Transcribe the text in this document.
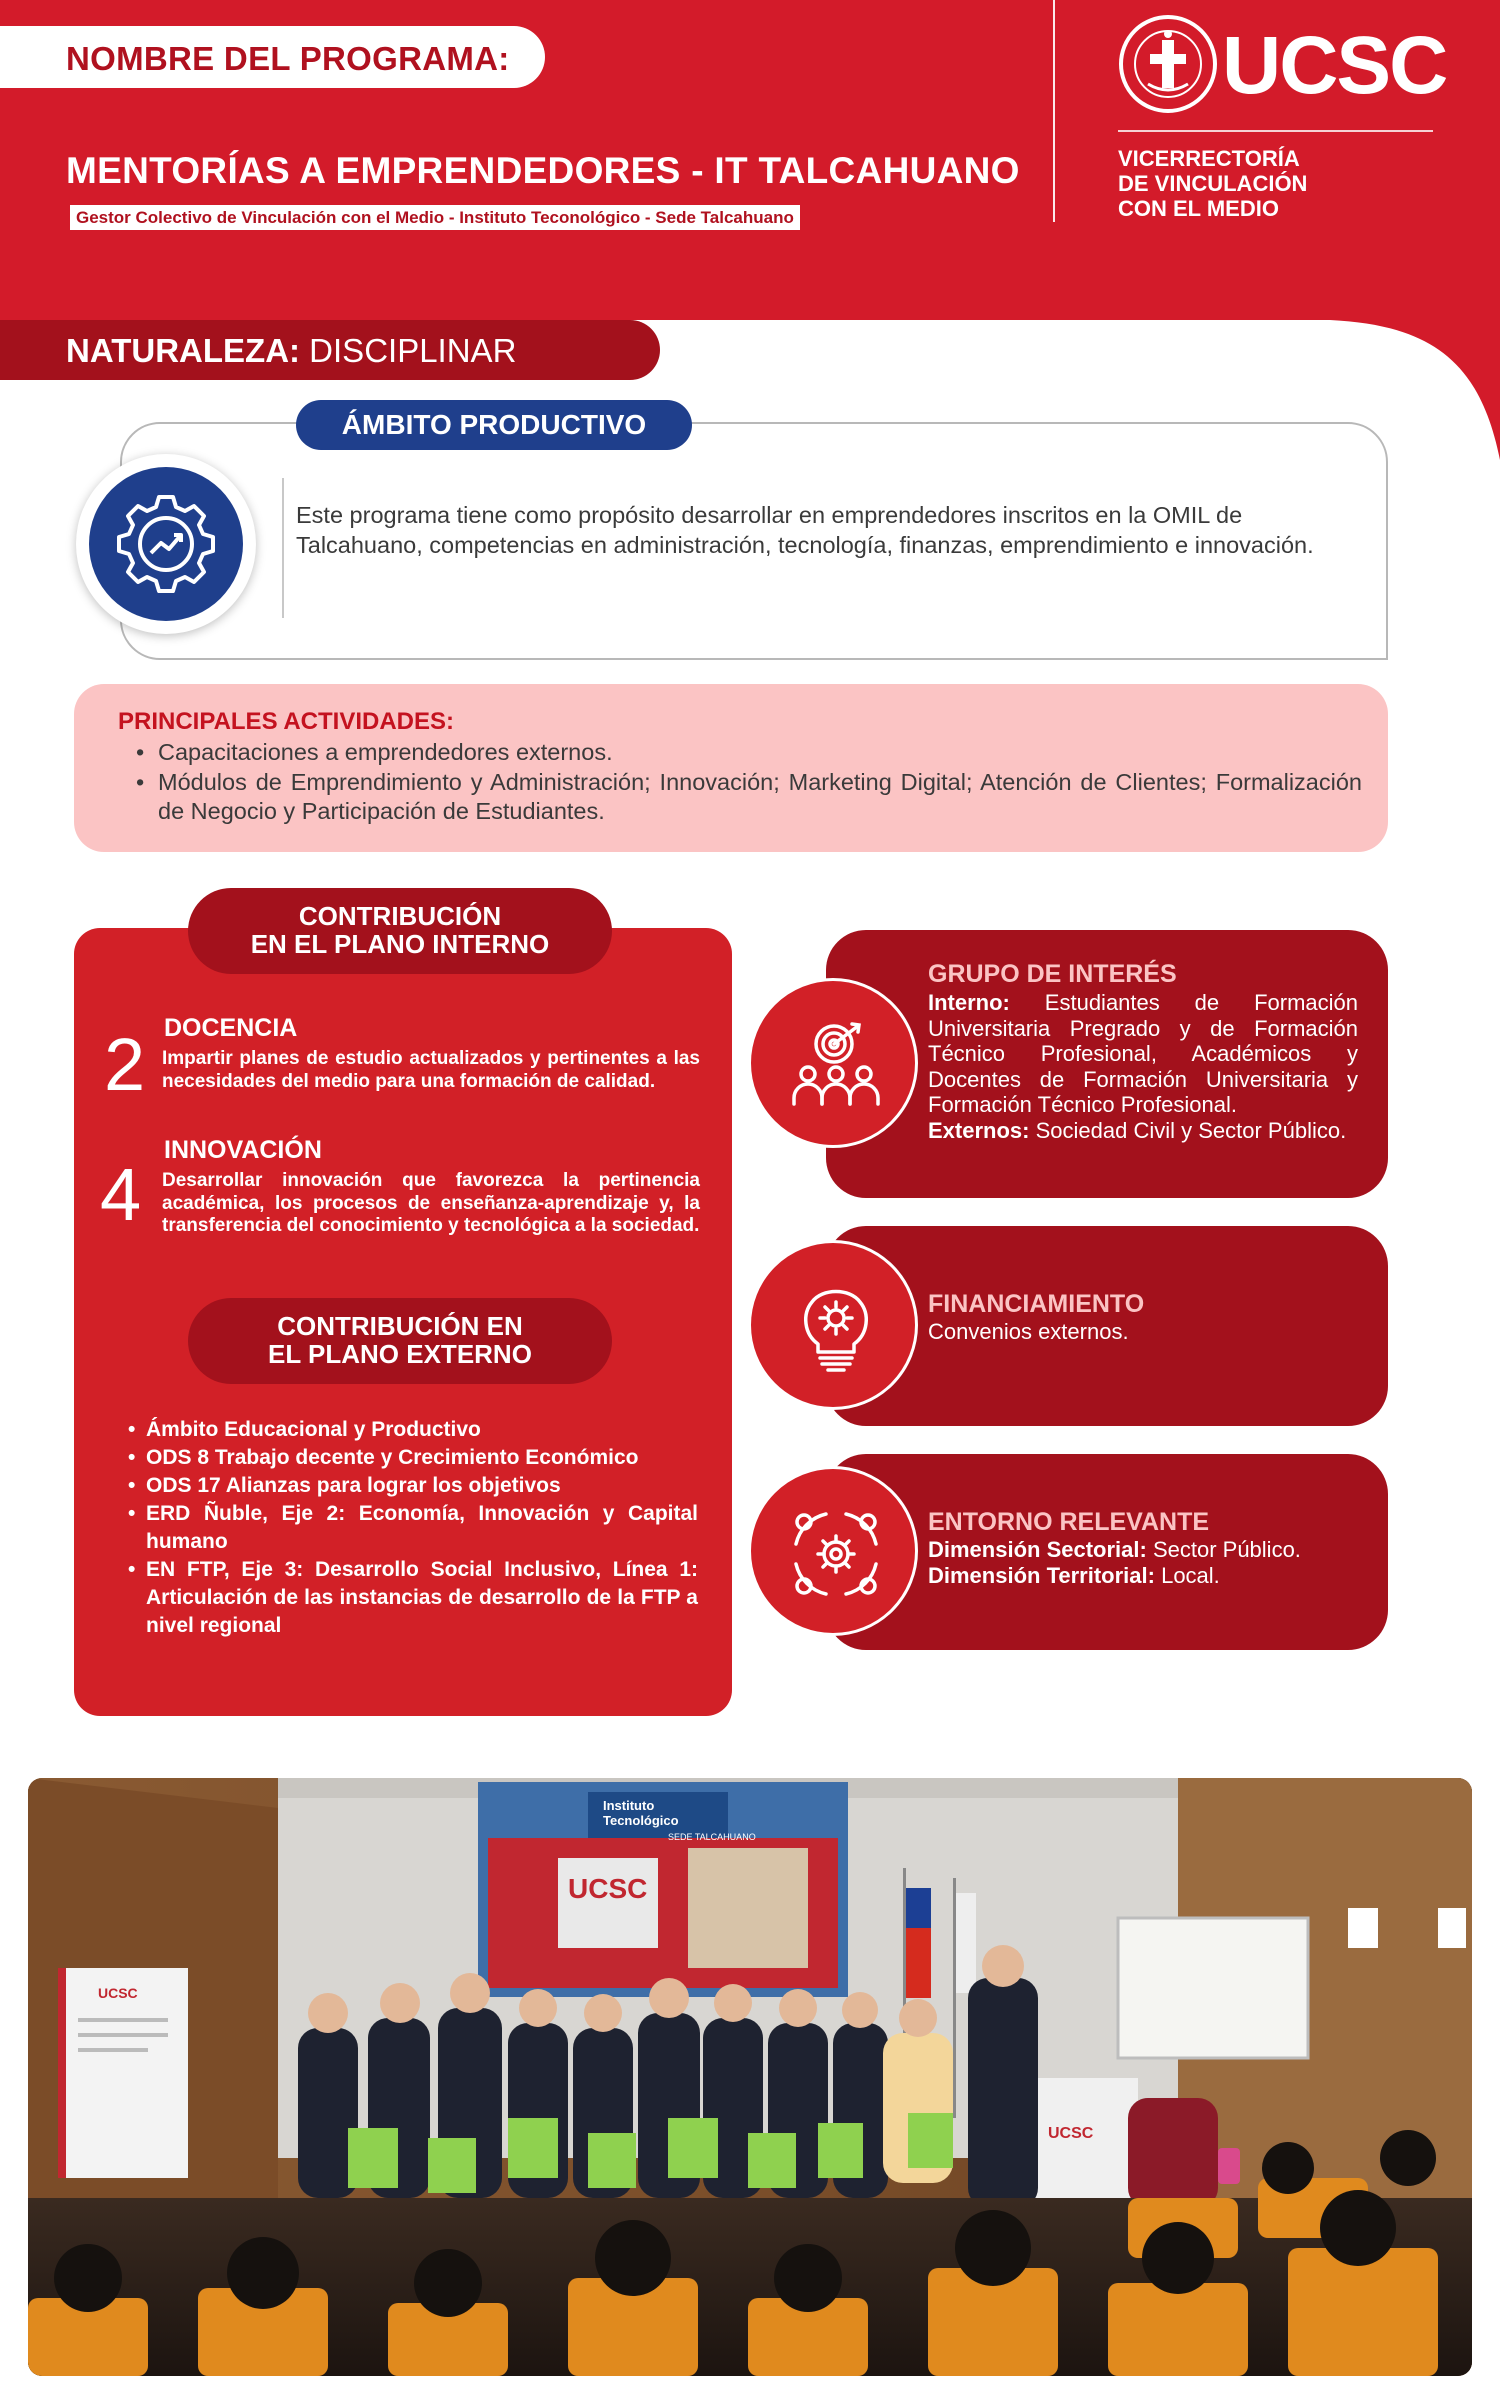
NOMBRE DEL PROGRAMA:
MENTORÍAS A EMPRENDEDORES - IT TALCAHUANO
Gestor Colectivo de Vinculación con el Medio - Instituto Teconológico - Sede Talcahuano
UCSC
VICERRECTORÍA
DE VINCULACIÓN
CON EL MEDIO
NATURALEZA: DISCIPLINAR
ÁMBITO PRODUCTIVO
Este programa tiene como propósito desarrollar en emprendedores inscritos en la OMIL de Talcahuano, competencias en administración, tecnología, finanzas, emprendimiento e innovación.
PRINCIPALES ACTIVIDADES:
• Capacitaciones a emprendedores externos.
• Módulos de Emprendimiento y Administración; Innovación; Marketing Digital; Atención de Clientes; Formalización de Negocio y Participación de Estudiantes.
CONTRIBUCIÓN
EN EL PLANO INTERNO
2 DOCENCIA
Impartir planes de estudio actualizados y pertinentes a las necesidades del medio para una formación de calidad.
4
INNOVACIÓN
Desarrollar innovación que favorezca la pertinencia académica, los procesos de enseñanza-aprendizaje y, la transferencia del conocimiento y tecnológica a la sociedad.
CONTRIBUCIÓN EN
EL PLANO EXTERNO
• Ámbito Educacional y Productivo
• ODS 8 Trabajo decente y Crecimiento Económico
• ODS 17 Alianzas para lograr los objetivos
• ERD Ñuble, Eje 2: Economía, Innovación y Capital humano
• EN FTP, Eje 3: Desarrollo Social Inclusivo, Línea 1: Articulación de las instancias de desarrollo de la FTP a nivel regional
GRUPO DE INTERÉS
Interno: Estudiantes de Formación Universitaria Pregrado y de Formación Técnico Profesional, Académicos y Docentes de Formación Universitaria y Formación Técnico Profesional.
Externos: Sociedad Civil y Sector Público.
FINANCIAMIENTO
Convenios externos.
ENTORNO RELEVANTE
Dimensión Sectorial: Sector Público.
Dimensión Territorial: Local.
Instituto
Tecnológico
SEDE TALCAHUANO
UCSC
UCSC
UCSC
